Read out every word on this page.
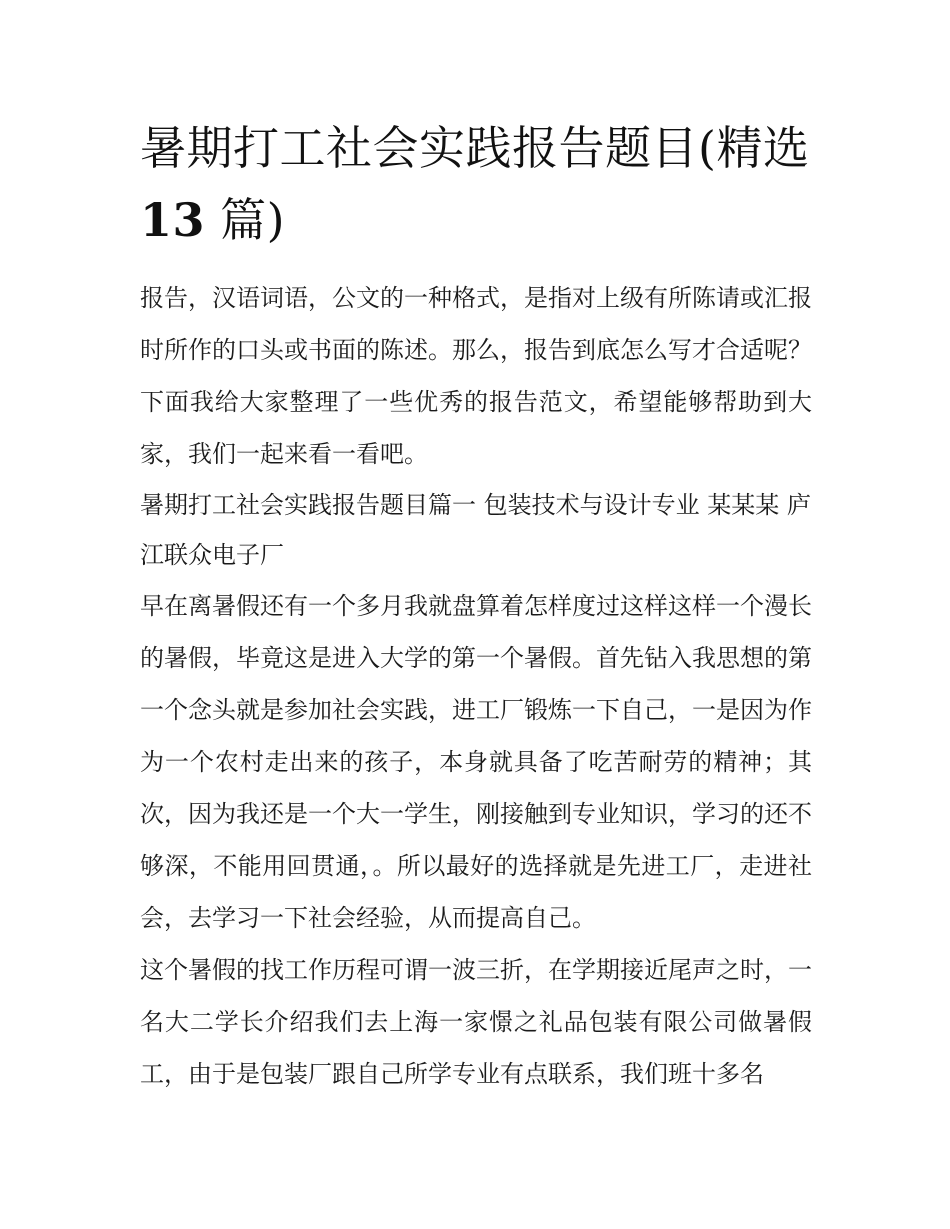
暑期打工社会实践报告题目(精选
13 篇)

报告，汉语词语，公文的一种格式，是指对上级有所陈请或汇报时所作的口头或书面的陈述。那么，报告到底怎么写才合适呢？下面我给大家整理了一些优秀的报告范文，希望能够帮助到大家，我们一起来看一看吧。

暑期打工社会实践报告题目篇一 包装技术与设计专业 某某某 庐江联众电子厂

早在离暑假还有一个多月我就盘算着怎样度过这样这样一个漫长的暑假，毕竟这是进入大学的第一个暑假。首先钻入我思想的第一个念头就是参加社会实践，进工厂锻炼一下自己，一是因为作为一个农村走出来的孩子，本身就具备了吃苦耐劳的精神；其次，因为我还是一个大一学生，刚接触到专业知识，学习的还不够深，不能用回贯通，。所以最好的选择就是先进工厂，走进社会，去学习一下社会经验，从而提高自己。

这个暑假的找工作历程可谓一波三折，在学期接近尾声之时，一名大二学长介绍我们去上海一家憬之礼品包装有限公司做暑假工，由于是包装厂跟自己所学专业有点联系，我们班十多名
